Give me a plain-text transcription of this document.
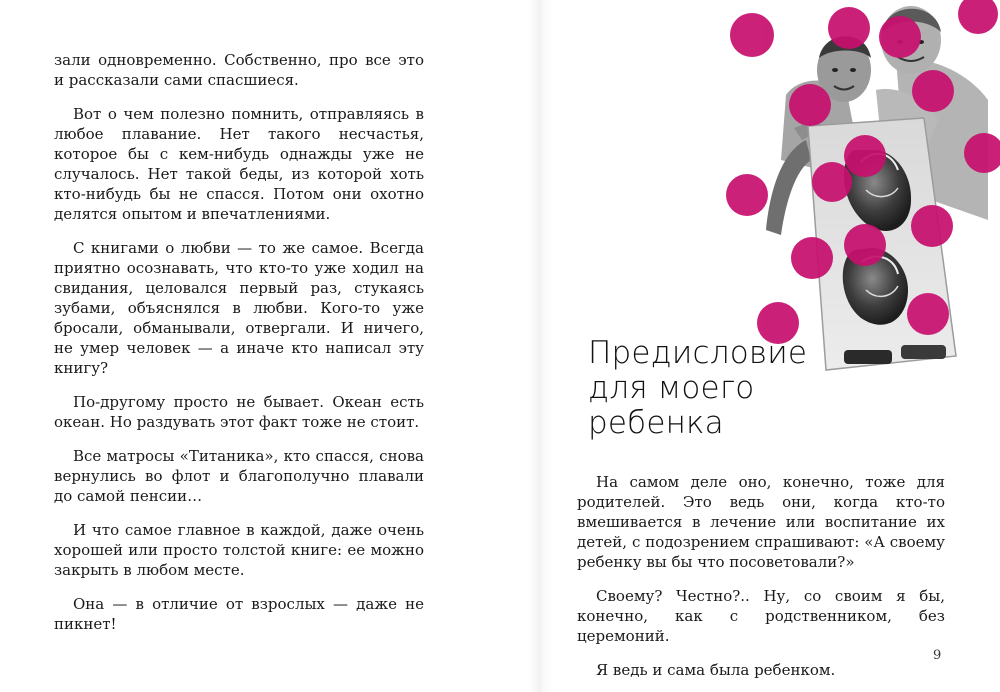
зали одновременно. Собственно, про все это и рассказали сами спасшиеся.

Вот о чем полезно помнить, отправляясь в любое плавание. Нет такого несчастья, которое бы с кем-нибудь однажды уже не случалось. Нет такой беды, из которой хоть кто-нибудь бы не спасся. Потом они охотно делятся опытом и впечатлениями.

С книгами о любви — то же самое. Всегда приятно осознавать, что кто-то уже ходил на свидания, целовался первый раз, стукаясь зубами, объяснялся в любви. Кого-то уже бросали, обманывали, отвергали. И ничего, не умер человек — а иначе кто написал эту книгу?

По-другому просто не бывает. Океан есть океан. Но раздувать этот факт тоже не стоит.

Все матросы «Титаника», кто спасся, снова вернулись во флот и благополучно плавали до самой пенсии…

И что самое главное в каждой, даже очень хорошей или просто толстой книге: ее можно закрыть в любом месте.

Она — в отличие от взрослых — даже не пикнет!

Предисловие для моего ребенка

На самом деле оно, конечно, тоже для родителей. Это ведь они, когда кто-то вмешивается в лечение или воспитание их детей, с подозрением спрашивают: «А своему ребенку вы бы что посоветовали?»

Своему? Честно?.. Ну, со своим я бы, конечно, как с родственником, без церемоний.

Я ведь и сама была ребенком.

9
